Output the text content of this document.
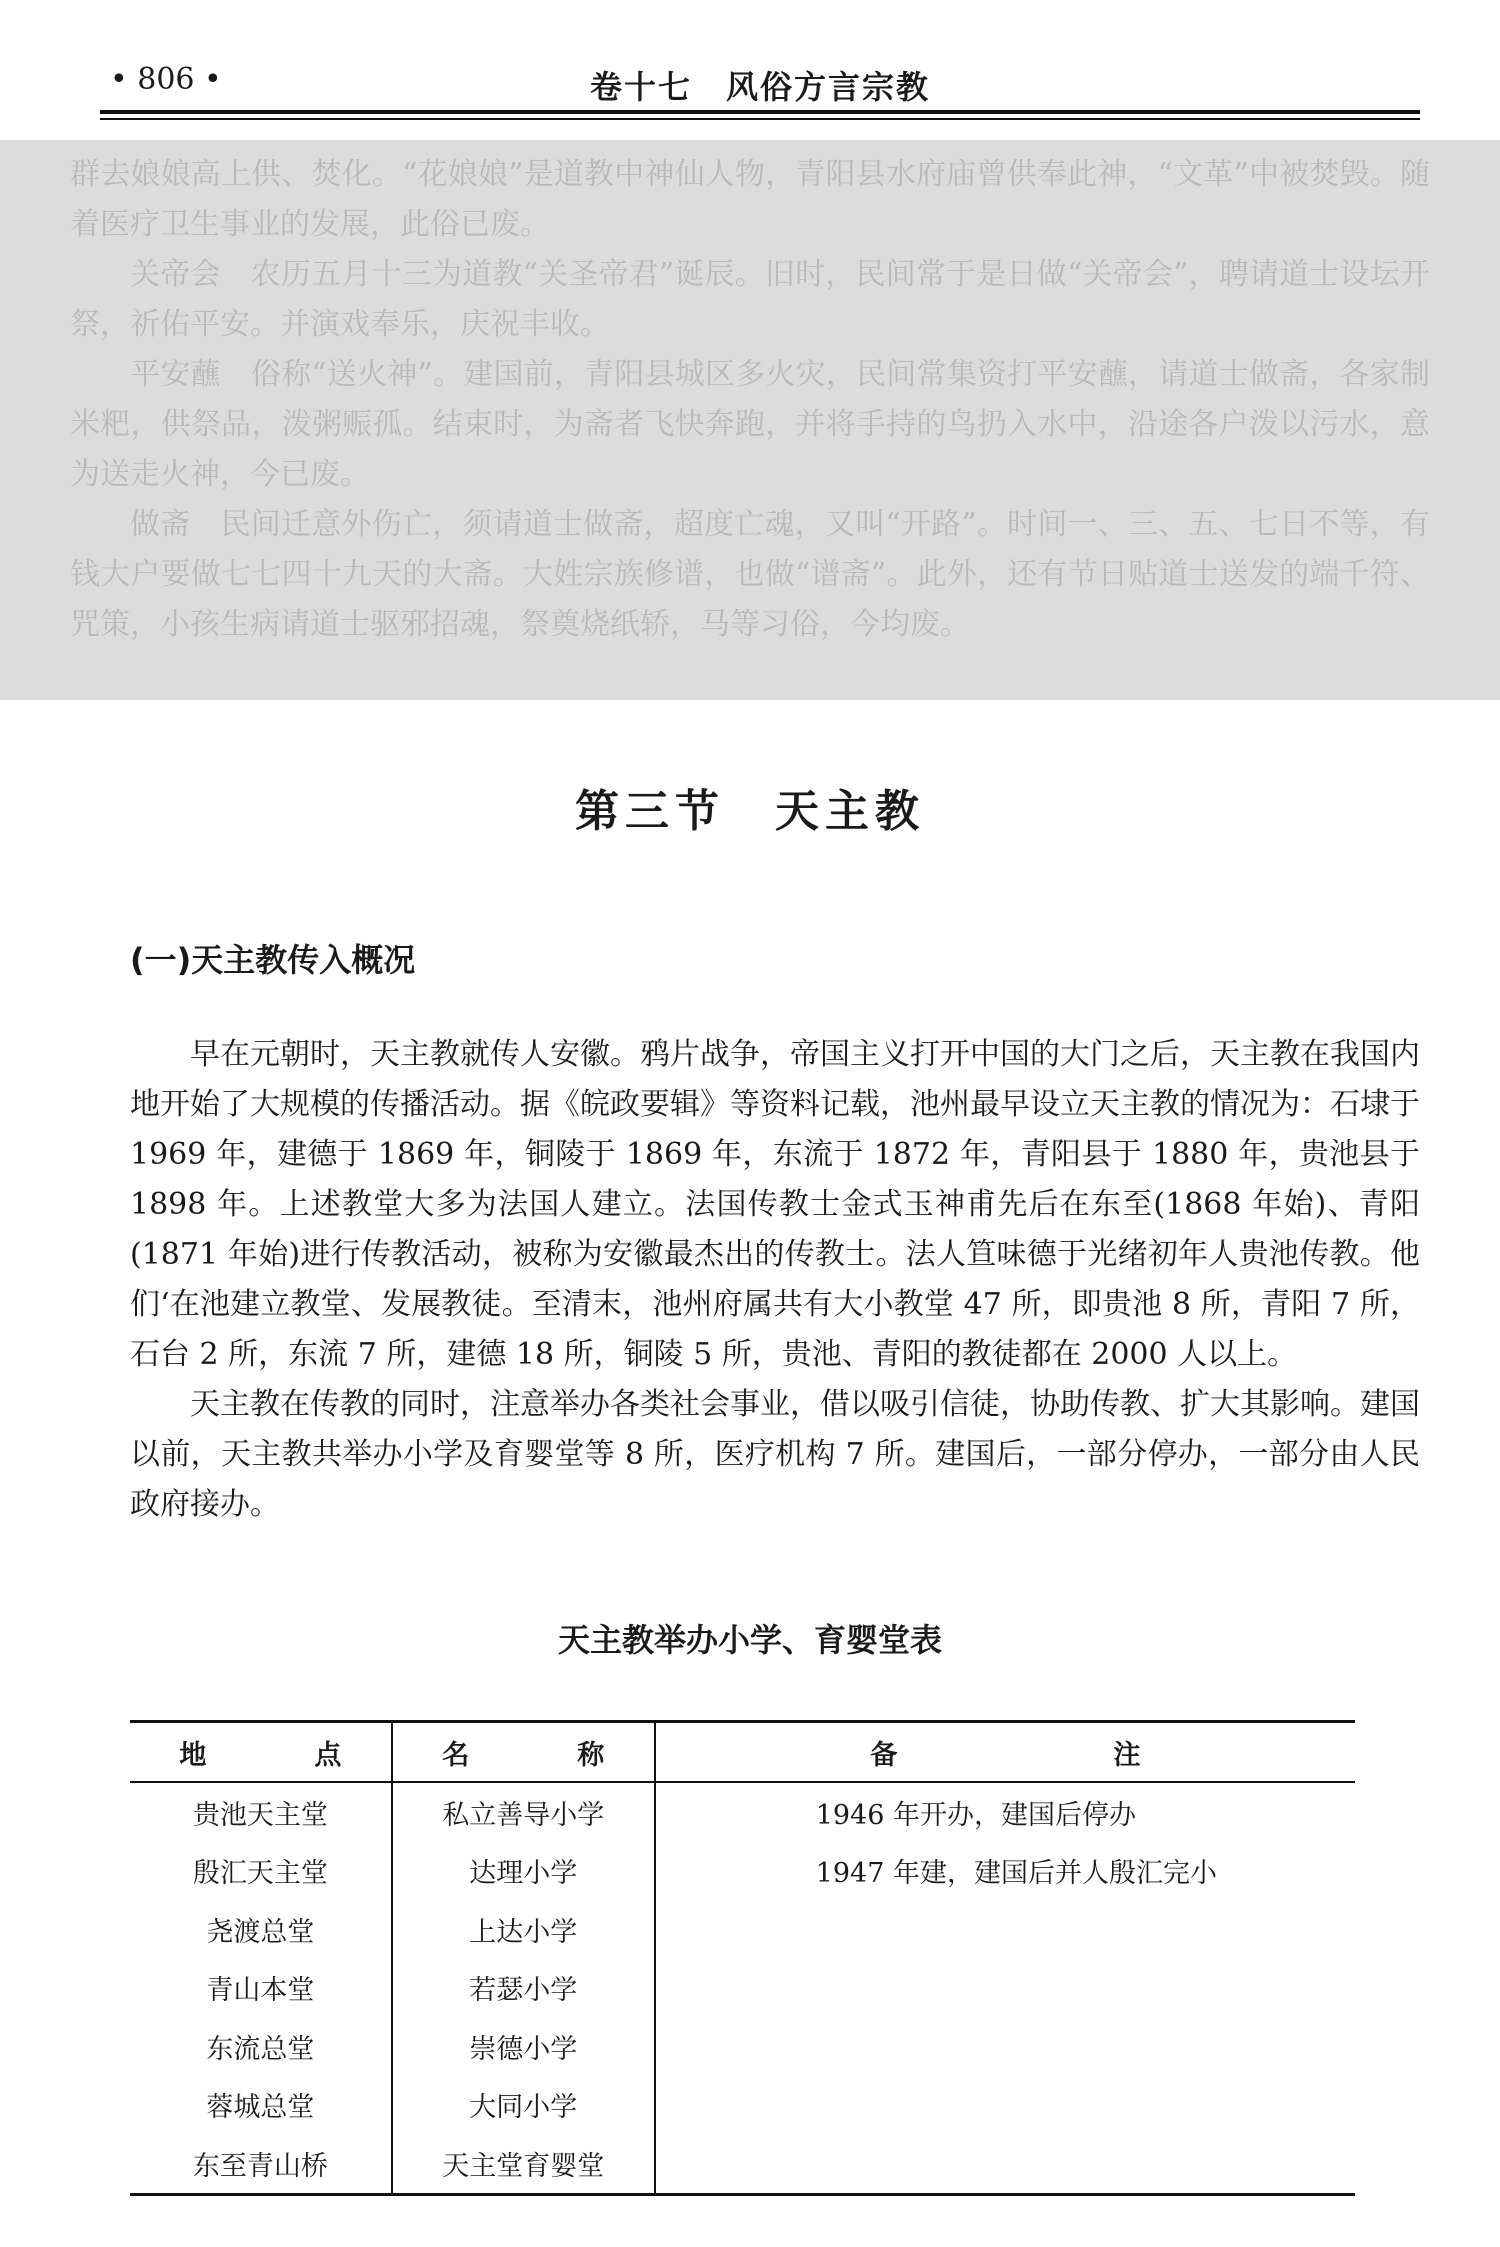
• 806 •	卷十七　风俗方言宗教

群去娘娘高上供、焚化。“花娘娘”是道教中神仙人物，青阳县水府庙曾供奉此神，“文革”中被焚毁。随着医疗卫生事业的发展，此俗已废。

关帝会　农历五月十三为道教“关圣帝君”诞辰。旧时，民间常于是日做“关帝会”，聘请道士设坛开祭，祈佑平安。并演戏奉乐，庆祝丰收。

平安蘸　俗称“送火神”。建国前，青阳县城区多火灾，民间常集资打平安蘸，请道士做斋，各家制米粑，供祭品，泼粥赈孤。结束时，为斋者飞快奔跑，并将手持的鸟扔入水中，沿途各户泼以污水，意为送走火神，今已废。

做斋　民间迁意外伤亡，须请道士做斋，超度亡魂，又叫“开路”。时间一、三、五、七日不等，有钱大户要做七七四十九天的大斋。大姓宗族修谱，也做“谱斋”。此外，还有节日贴道士送发的端千符、咒策，小孩生病请道士驱邪招魂，祭奠烧纸轿，马等习俗，今均废。

第三节　天主教
(一)天主教传入概况

早在元朝时，天主教就传人安徽。鸦片战争，帝国主义打开中国的大门之后，天主教在我国内地开始了大规模的传播活动。据《皖政要辑》等资料记载，池州最早设立天主教的情况为：石埭于 1969 年，建德于 1869 年，铜陵于 1869 年，东流于 1872 年，青阳县于 1880 年，贵池县于 1898 年。上述教堂大多为法国人建立。法国传教士金式玉神甫先后在东至(1868 年始)、青阳(1871 年始)进行传教活动，被称为安徽最杰出的传教士。法人笪味德于光绪初年人贵池传教。他们‘在池建立教堂、发展教徒。至清末，池州府属共有大小教堂 47 所，即贵池 8 所，青阳 7 所，石台 2 所，东流 7 所，建德 18 所，铜陵 5 所，贵池、青阳的教徒都在 2000 人以上。

天主教在传教的同时，注意举办各类社会事业，借以吸引信徒，协助传教、扩大其影响。建国以前，天主教共举办小学及育婴堂等 8 所，医疗机构 7 所。建国后，一部分停办，一部分由人民政府接办。

天主教举办小学、育婴堂表
地　　　　点	名　　　　称	备　　　　　　　　注
贵池天主堂	私立善导小学	1946 年开办，建国后停办
殷汇天主堂	达理小学	1947 年建，建国后并人殷汇完小
尧渡总堂	上达小学	
青山本堂	若瑟小学	
东流总堂	崇德小学	
蓉城总堂	大同小学	
东至青山桥	天主堂育婴堂	
